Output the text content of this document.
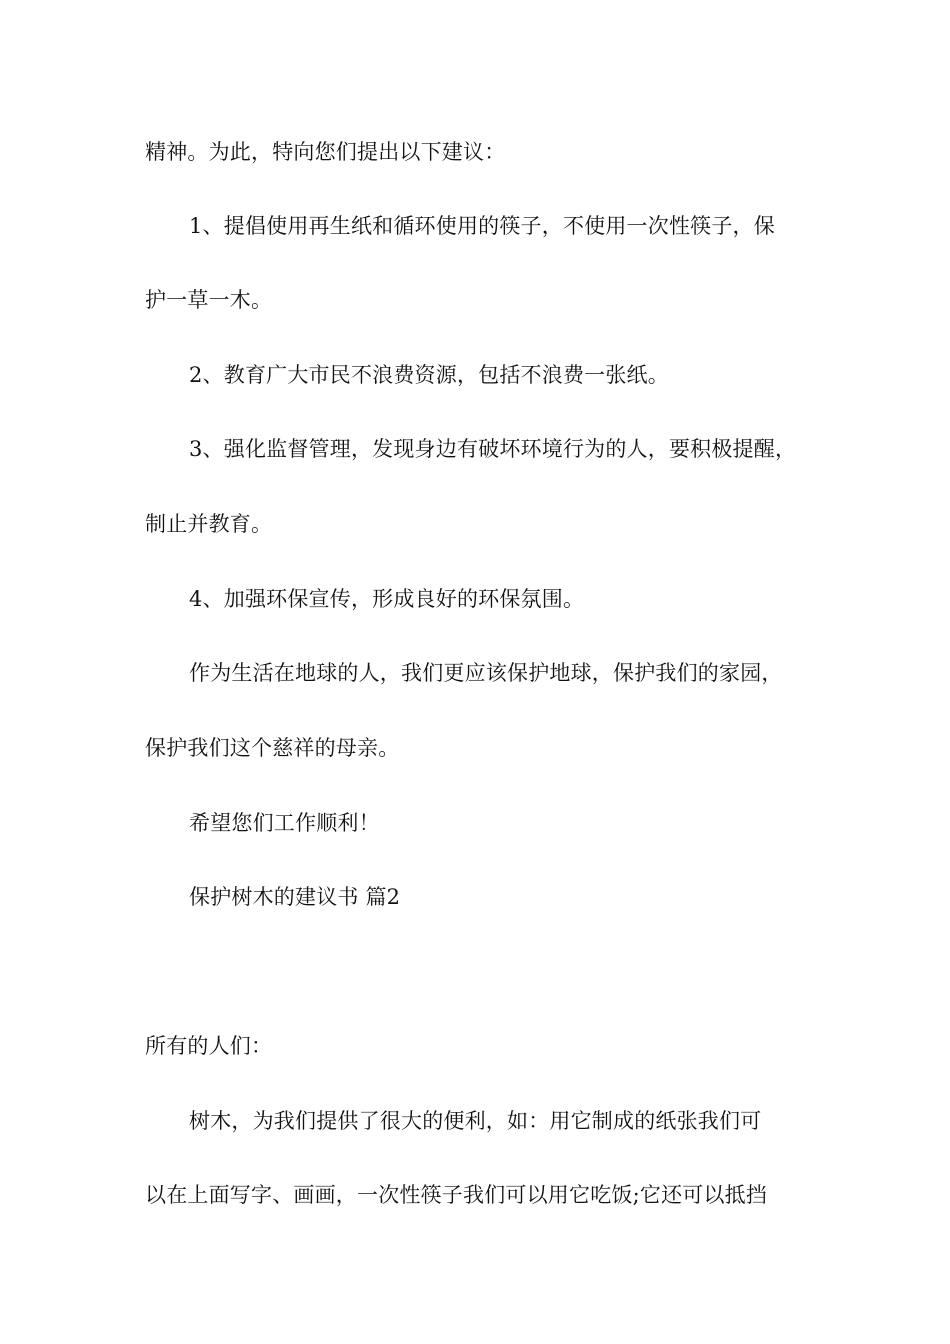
精神。为此，特向您们提出以下建议：
1、提倡使用再生纸和循环使用的筷子，不使用一次性筷子，保
护一草一木。
2、教育广大市民不浪费资源，包括不浪费一张纸。
3、强化监督管理，发现身边有破坏环境行为的人，要积极提醒，
制止并教育。
4、加强环保宣传，形成良好的环保氛围。
作为生活在地球的人，我们更应该保护地球，保护我们的家园，
保护我们这个慈祥的母亲。
希望您们工作顺利！
保护树木的建议书 篇2
所有的人们：
树木，为我们提供了很大的便利，如：用它制成的纸张我们可
以在上面写字、画画，一次性筷子我们可以用它吃饭;它还可以抵挡
